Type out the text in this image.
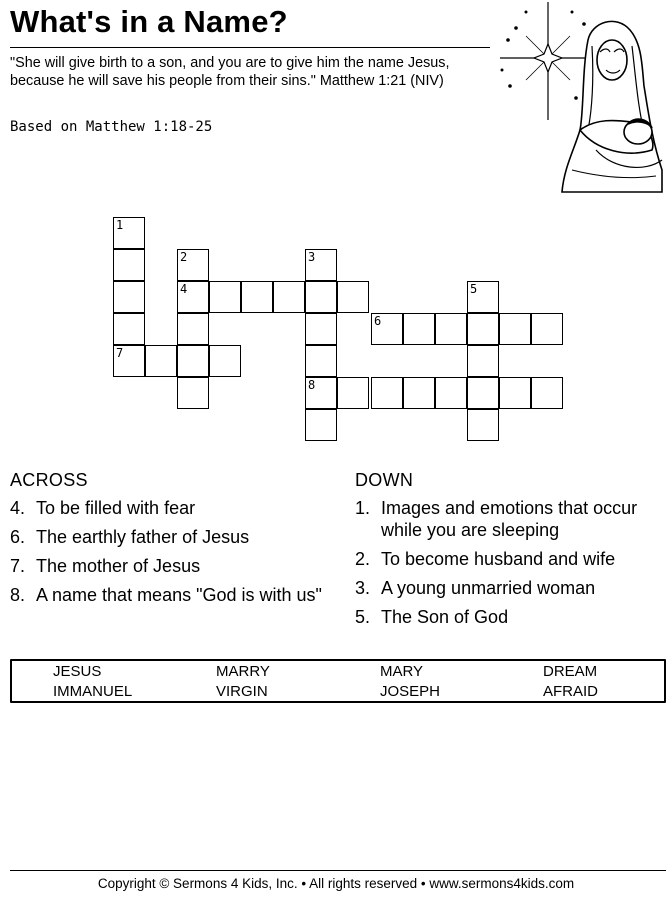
What's in a Name?
"She will give birth to a son, and you are to give him the name Jesus, because he will save his people from their sins." Matthew 1:21 (NIV)
Based on Matthew 1:18-25
1
7
2
4
3
8
6
5
ACROSS
4. To be filled with fear
6. The earthly father of Jesus
7. The mother of Jesus
8. A name that means "God is with us"
DOWN
1. Images and emotions that occur while you are sleeping
2. To become husband and wife
3. A young unmarried woman
5. The Son of God
JESUS	MARRY	MARY	DREAM
IMMANUEL	VIRGIN	JOSEPH	AFRAID
Copyright © Sermons 4 Kids, Inc. • All rights reserved • www.sermons4kids.com
